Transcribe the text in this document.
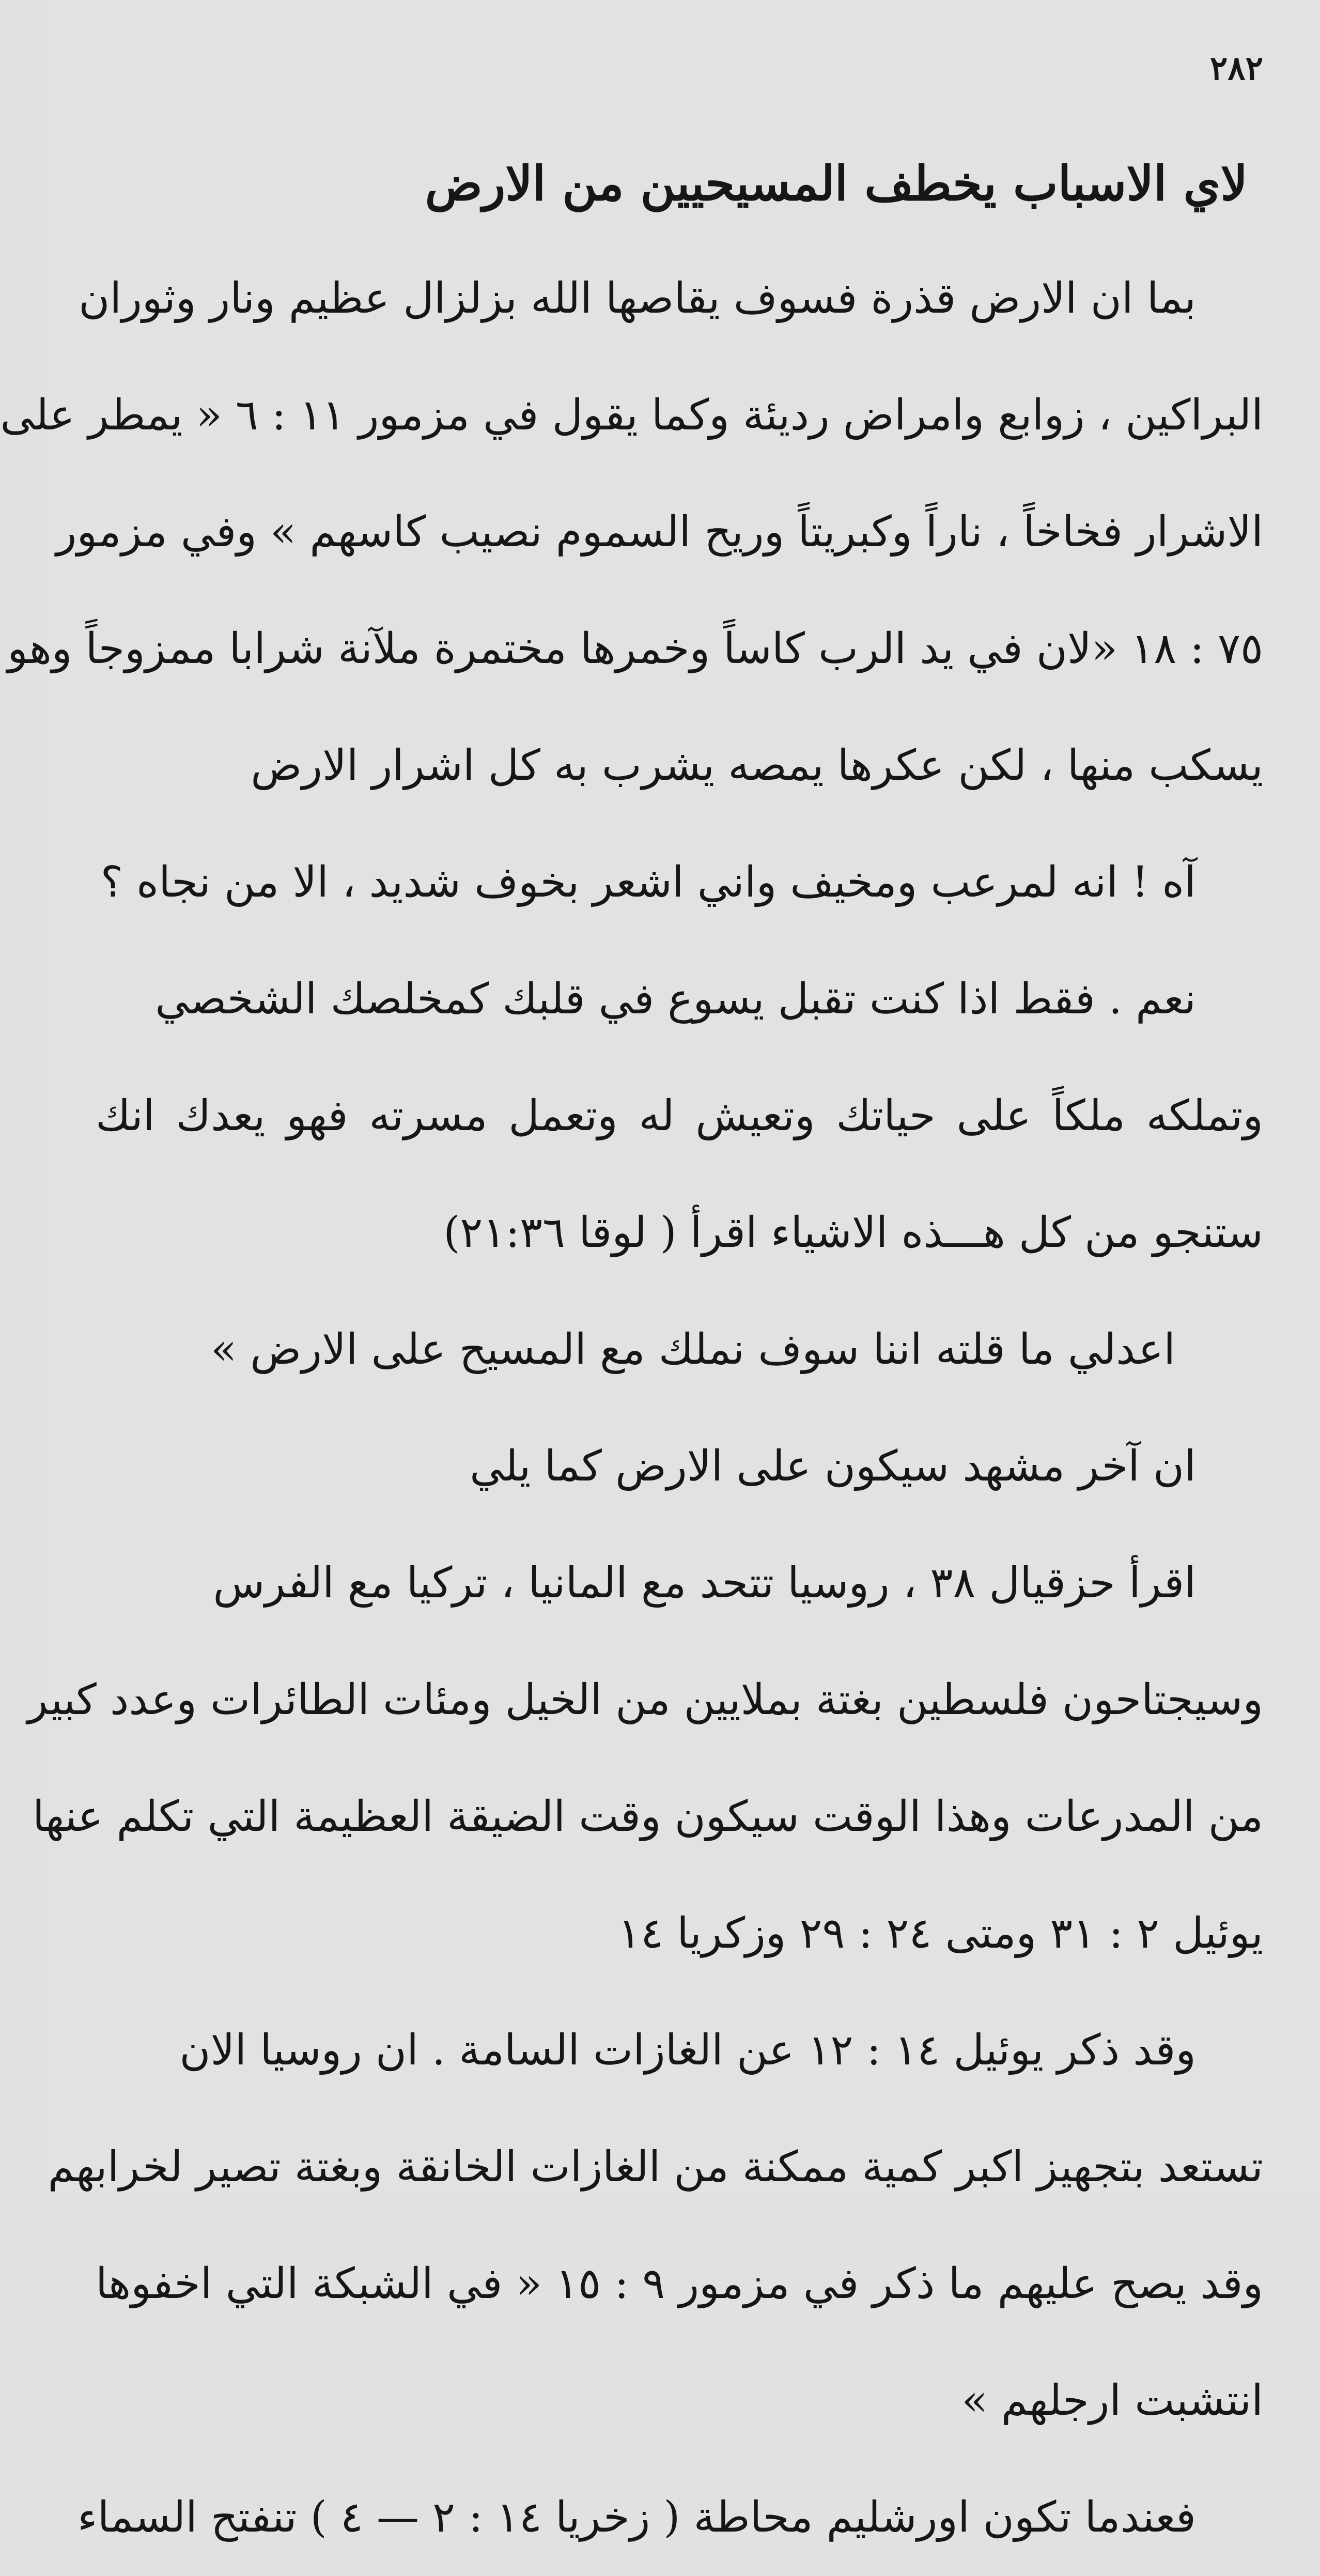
٢٨٢
لاي الاسباب يخطف المسيحيين من الارض
بما ان الارض قذرة فسوف يقاصها الله بزلزال عظيم ونار وثوران
البراكين ، زوابع وامراض رديئة وكما يقول في مزمور ١١ : ٦ « يمطر على
الاشرار فخاخاً ، ناراً وكبريتاً وريح السموم نصيب كاسهم » وفي مزمور
٧٥ : ١٨ «لان في يد الرب كاساً وخمرها مختمرة ملآنة شرابا ممزوجاً وهو
يسكب منها ، لكن عكرها يمصه يشرب به كل اشرار الارض
آه ! انه لمرعب ومخيف واني اشعر بخوف شديد ، الا من نجاه ؟
نعم . فقط اذا كنت تقبل يسوع في قلبك كمخلصك الشخصي
وتملكه ملكاً على حياتك وتعيش له وتعمل مسرته فهو يعدك انك
ستنجو من كل هـــذه الاشياء اقرأ ( لوقا ٢١:٣٦)
اعدلي ما قلته اننا سوف نملك مع المسيح على الارض »
ان آخر مشهد سيكون على الارض كما يلي
اقرأ حزقيال ٣٨ ، روسيا تتحد مع المانيا ، تركيا مع الفرس
وسيجتاحون فلسطين بغتة بملايين من الخيل ومئات الطائرات وعدد كبير
من المدرعات وهذا الوقت سيكون وقت الضيقة العظيمة التي تكلم عنها
يوئيل ٢ : ٣١ ومتى ٢٤ : ٢٩ وزكريا ١٤
وقد ذكر يوئيل ١٤ : ١٢ عن الغازات السامة . ان روسيا الان
تستعد بتجهيز اكبر كمية ممكنة من الغازات الخانقة وبغتة تصير لخرابهم
وقد يصح عليهم ما ذكر في مزمور ٩ : ١٥ « في الشبكة التي اخفوها
انتشبت ارجلهم »
فعندما تكون اورشليم محاطة ( زخريا ١٤ : ٢ — ٤ ) تنفتح السماء
